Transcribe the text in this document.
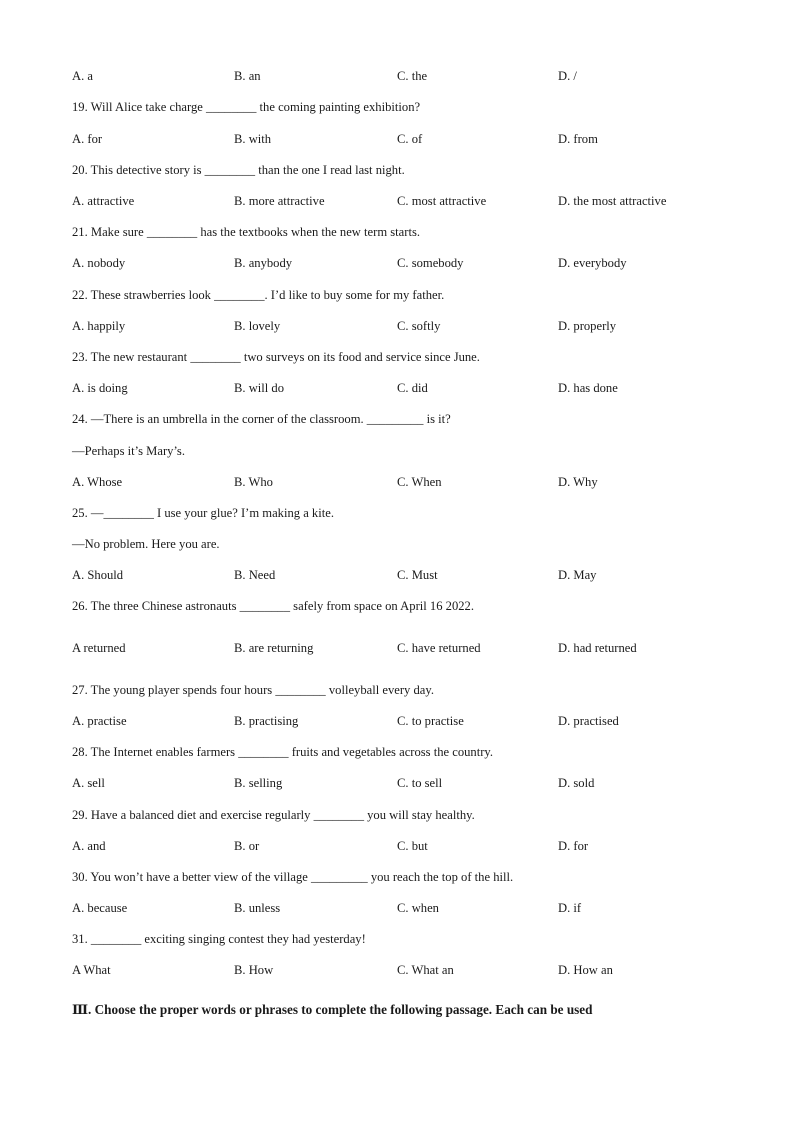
A. a	B. an	C. the	D. /
19. Will Alice take charge ________ the coming painting exhibition?
A. for	B. with	C. of	D. from
20. This detective story is ________ than the one I read last night.
A. attractive	B. more attractive	C. most attractive	D. the most attractive
21. Make sure ________ has the textbooks when the new term starts.
A. nobody	B. anybody	C. somebody	D. everybody
22. These strawberries look ________. I’d like to buy some for my father.
A. happily	B. lovely	C. softly	D. properly
23. The new restaurant ________ two surveys on its food and service since June.
A. is doing	B. will do	C. did	D. has done
24. —There is an umbrella in the corner of the classroom. _________ is it?
—Perhaps it’s Mary’s.
A. Whose	B. Who	C. When	D. Why
25. —________ I use your glue? I’m making a kite.
—No problem. Here you are.
A. Should	B. Need	C. Must	D. May
26. The three Chinese astronauts ________ safely from space on April 16 2022.
A returned	B. are returning	C. have returned	D. had returned
27. The young player spends four hours ________ volleyball every day.
A. practise	B. practising	C. to practise	D. practised
28. The Internet enables farmers ________ fruits and vegetables across the country.
A. sell	B. selling	C. to sell	D. sold
29. Have a balanced diet and exercise regularly ________ you will stay healthy.
A. and	B. or	C. but	D. for
30. You won’t have a better view of the village _________ you reach the top of the hill.
A. because	B. unless	C. when	D. if
31. ________ exciting singing contest they had yesterday!
A What	B. How	C. What an	D. How an
Ⅲ. Choose the proper words or phrases to complete the following passage. Each can be used
